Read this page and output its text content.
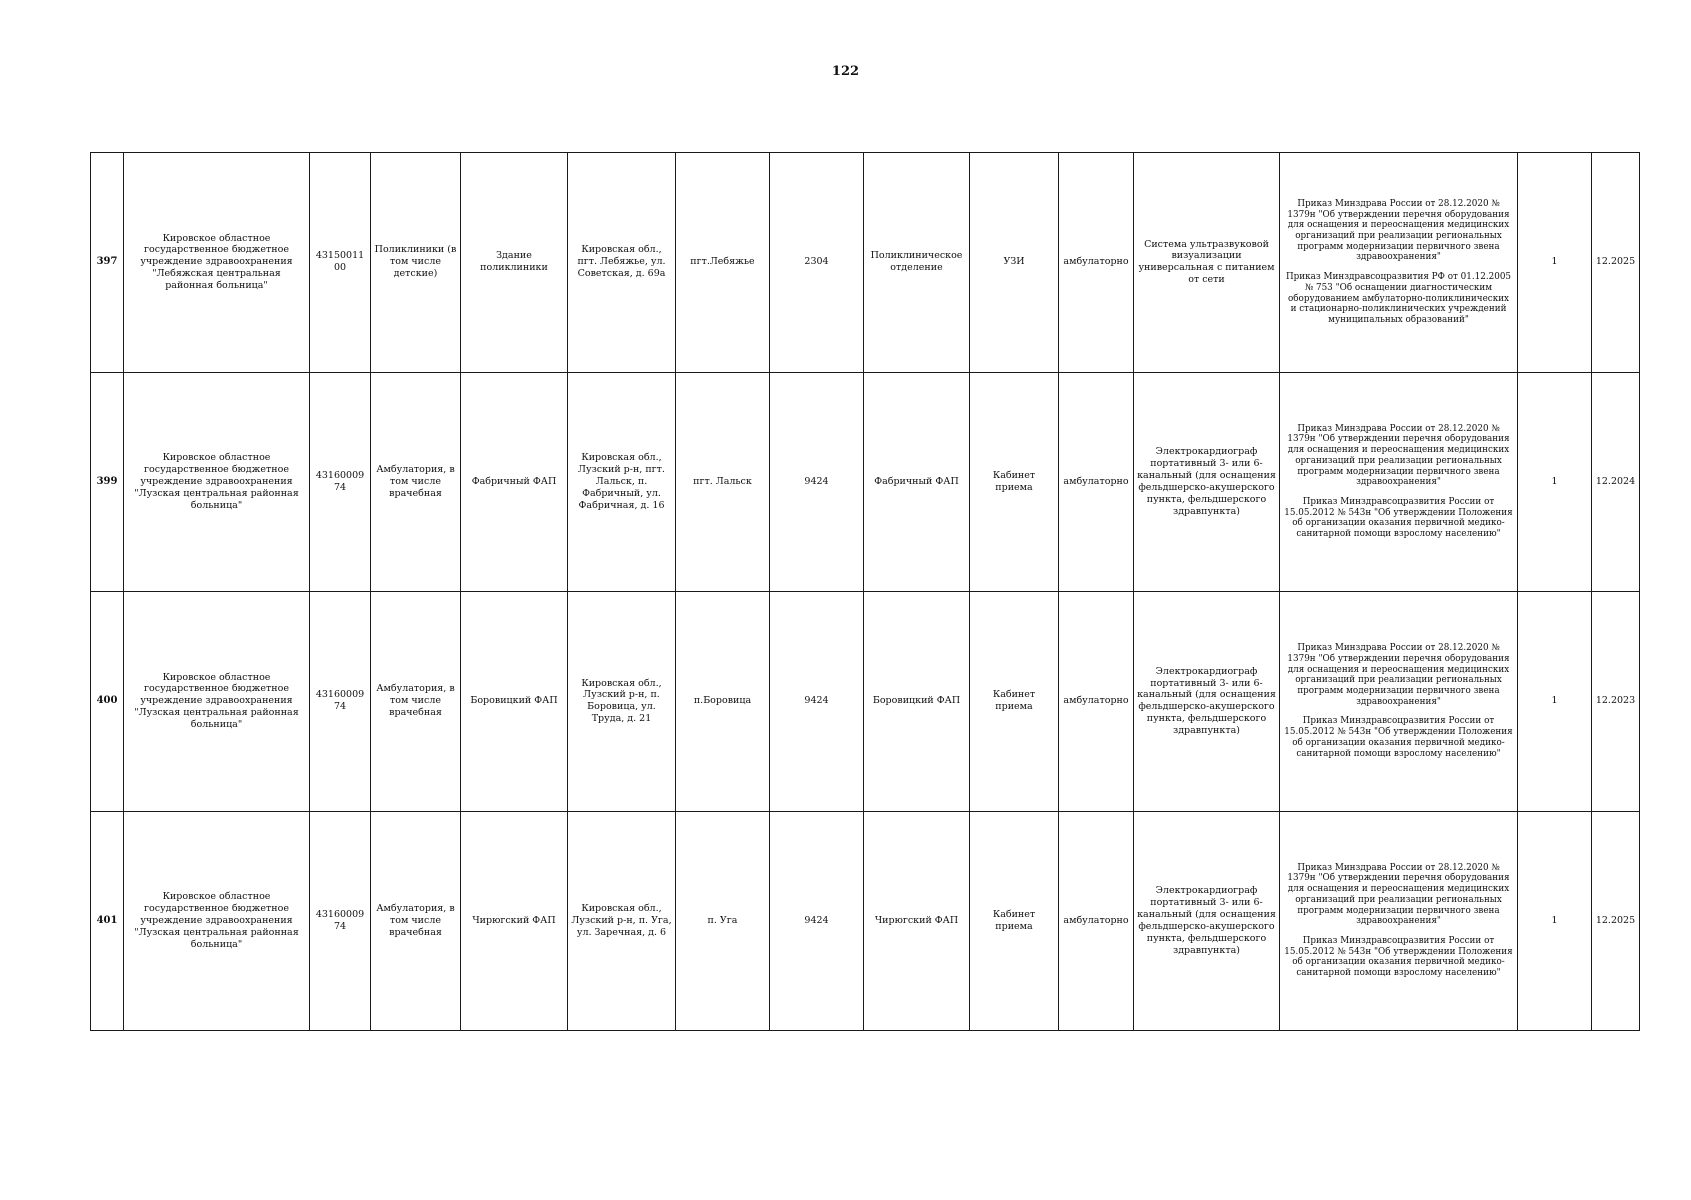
122
397	Кировское областное государственное бюджетное учреждение здравоохранения "Лебяжская центральная районная больница"	4315001100	Поликлиники (в том числе детские)	Здание поликлиники	Кировская обл., пгт. Лебяжье, ул. Советская, д. 69а	пгт.Лебяжье	2304	Поликлиническое отделение	УЗИ	амбулаторно	Система ультразвуковой визуализации универсальная с питанием от сети	Приказ Минздрава России от 28.12.2020 № 1379н "Об утверждении перечня оборудования для оснащения и переоснащения медицинских организаций при реализации региональных программ модернизации первичного звена здравоохранения"
Приказ Минздравсоцразвития РФ от 01.12.2005 № 753 "Об оснащении диагностическим оборудованием амбулаторно-поликлинических и стационарно-поликлинических учреждений муниципальных образований"	1	12.2025
399	Кировское областное государственное бюджетное учреждение здравоохранения "Лузская центральная районная больница"	4316000974	Амбулатория, в том числе врачебная	Фабричный ФАП	Кировская обл., Лузский р-н, пгт. Лальск, п. Фабричный, ул. Фабричная, д. 16	пгт. Лальск	9424	Фабричный ФАП	Кабинет приема	амбулаторно	Электрокардиограф портативный 3- или 6-канальный (для оснащения фельдшерско-акушерского пункта, фельдшерского здравпункта)	Приказ Минздрава России от 28.12.2020 № 1379н "Об утверждении перечня оборудования для оснащения и переоснащения медицинских организаций при реализации региональных программ модернизации первичного звена здравоохранения"
Приказ Минздравсоцразвития России от 15.05.2012 № 543н "Об утверждении Положения об организации оказания первичной медико-санитарной помощи взрослому населению"	1	12.2024
400	Кировское областное государственное бюджетное учреждение здравоохранения "Лузская центральная районная больница"	4316000974	Амбулатория, в том числе врачебная	Боровицкий ФАП	Кировская обл., Лузский р-н, п. Боровица, ул. Труда, д. 21	п.Боровица	9424	Боровицкий ФАП	Кабинет приема	амбулаторно	Электрокардиограф портативный 3- или 6-канальный (для оснащения фельдшерско-акушерского пункта, фельдшерского здравпункта)	Приказ Минздрава России от 28.12.2020 № 1379н "Об утверждении перечня оборудования для оснащения и переоснащения медицинских организаций при реализации региональных программ модернизации первичного звена здравоохранения"
Приказ Минздравсоцразвития России от 15.05.2012 № 543н "Об утверждении Положения об организации оказания первичной медико-санитарной помощи взрослому населению"	1	12.2023
401	Кировское областное государственное бюджетное учреждение здравоохранения "Лузская центральная районная больница"	4316000974	Амбулатория, в том числе врачебная	Чирюгский ФАП	Кировская обл., Лузский р-н, п. Уга, ул. Заречная, д. 6	п. Уга	9424	Чирюгский ФАП	Кабинет приема	амбулаторно	Электрокардиограф портативный 3- или 6-канальный (для оснащения фельдшерско-акушерского пункта, фельдшерского здравпункта)	Приказ Минздрава России от 28.12.2020 № 1379н "Об утверждении перечня оборудования для оснащения и переоснащения медицинских организаций при реализации региональных программ модернизации первичного звена здравоохранения"
Приказ Минздравсоцразвития России от 15.05.2012 № 543н "Об утверждении Положения об организации оказания первичной медико-санитарной помощи взрослому населению"	1	12.2025
